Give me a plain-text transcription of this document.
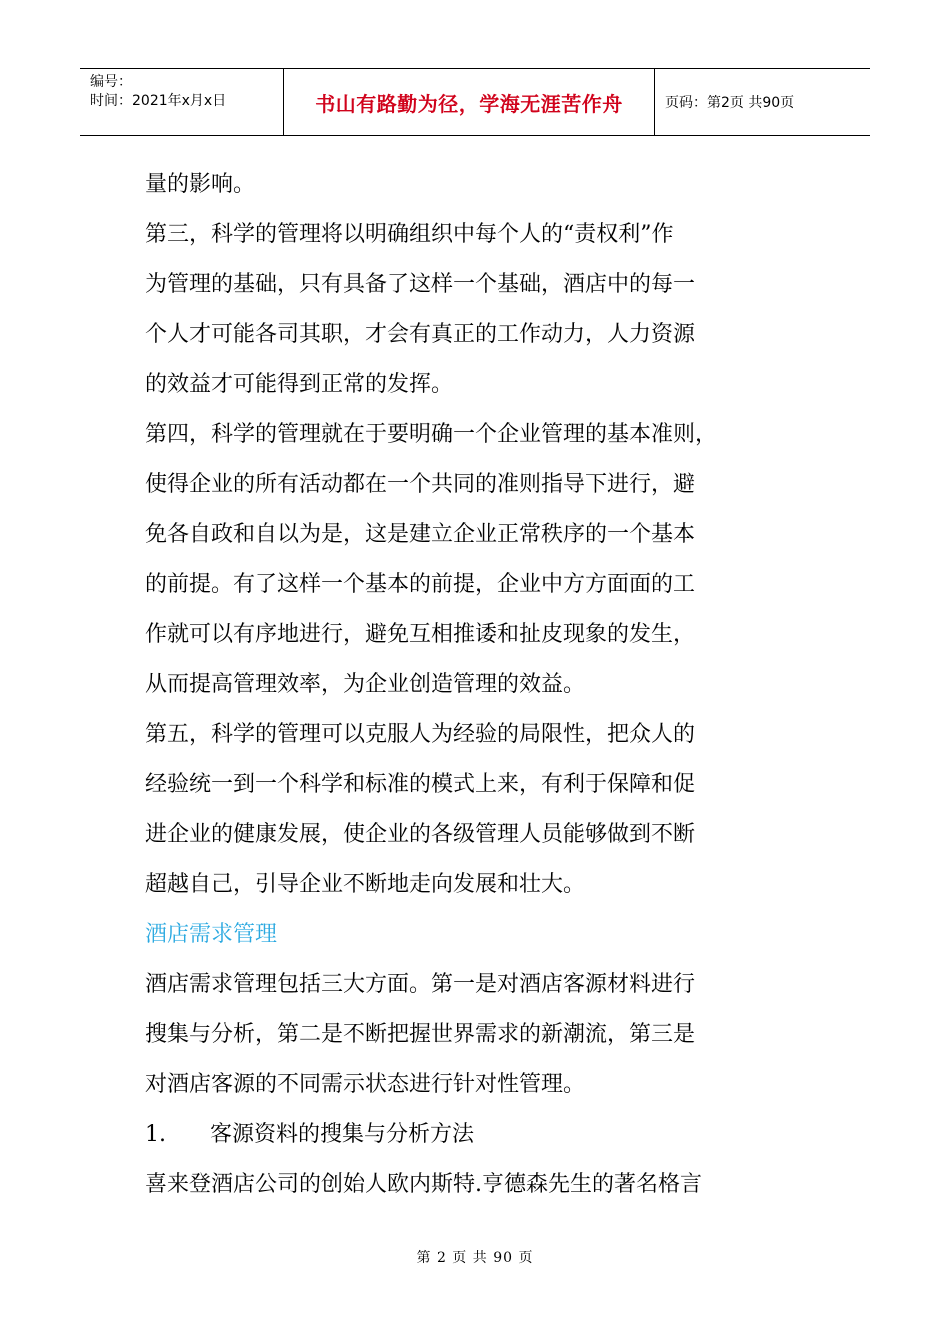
编号：
时间：2021年x月x日	书山有路勤为径，学海无涯苦作舟	页码：第2页 共90页
量的影响。
第三，科学的管理将以明确组织中每个人的“责权利”作
为管理的基础，只有具备了这样一个基础，酒店中的每一
个人才可能各司其职，才会有真正的工作动力，人力资源
的效益才可能得到正常的发挥。
第四，科学的管理就在于要明确一个企业管理的基本准则，
使得企业的所有活动都在一个共同的准则指导下进行，避
免各自政和自以为是，这是建立企业正常秩序的一个基本
的前提。有了这样一个基本的前提，企业中方方面面的工
作就可以有序地进行，避免互相推诿和扯皮现象的发生，
从而提高管理效率，为企业创造管理的效益。
第五，科学的管理可以克服人为经验的局限性，把众人的
经验统一到一个科学和标准的模式上来，有利于保障和促
进企业的健康发展，使企业的各级管理人员能够做到不断
超越自己，引导企业不断地走向发展和壮大。
酒店需求管理
酒店需求管理包括三大方面。第一是对酒店客源材料进行
搜集与分析，第二是不断把握世界需求的新潮流，第三是
对酒店客源的不同需示状态进行针对性管理。
1.	客源资料的搜集与分析方法
喜来登酒店公司的创始人欧内斯特.亨德森先生的著名格言
第 2 页 共 90 页
